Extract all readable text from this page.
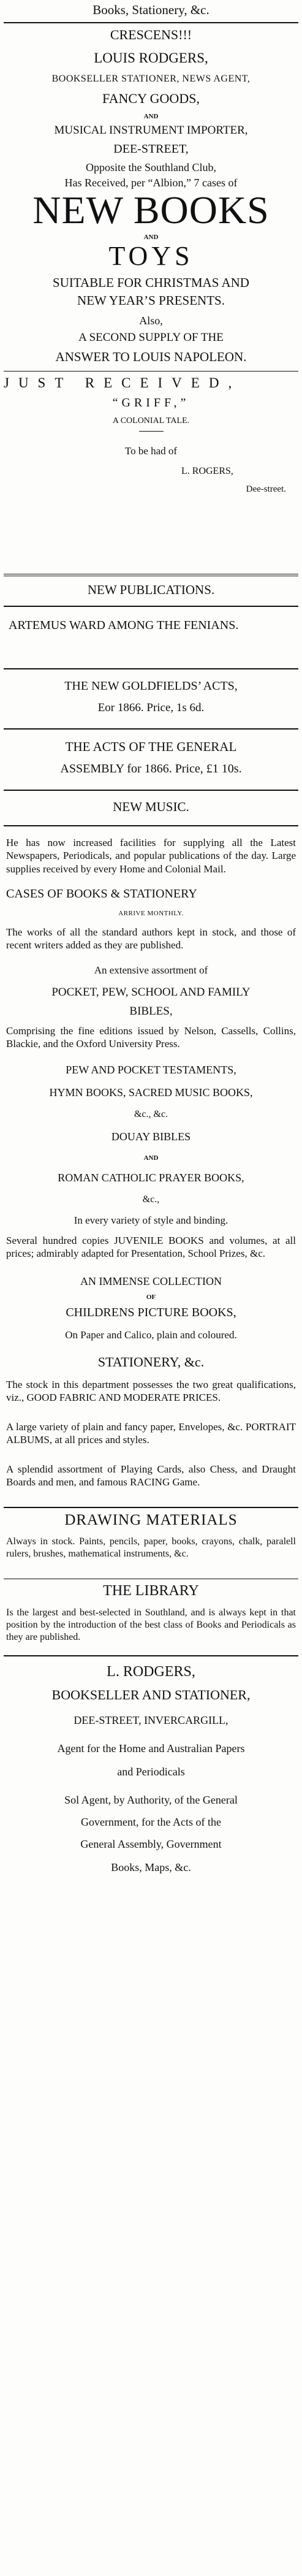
Books, Stationery, &c.
CRESCENS!!!
LOUIS RODGERS,
BOOKSELLER STATIONER, NEWS AGENT,
FANCY GOODS,
AND
MUSICAL INSTRUMENT IMPORTER,
DEE-STREET,
Opposite the Southland Club,
Has Received, per “Albion,” 7 cases of
NEW BOOKS
AND
TOYS
SUITABLE FOR CHRISTMAS AND
NEW YEAR’S PRESENTS.
Also,
A SECOND SUPPLY OF THE
ANSWER TO LOUIS NAPOLEON.
JUST RECEIVED,
“GRIFF,”
A COLONIAL TALE.
To be had of
L. ROGERS,
Dee-street.
NEW PUBLICATIONS.
ARTEMUS WARD AMONG THE FENIANS.
THE NEW GOLDFIELDS’ ACTS,
Eor 1866. Price, 1s 6d.
THE ACTS OF THE GENERAL
ASSEMBLY for 1866. Price, £1 10s.
NEW MUSIC.
He has now increased facilities for supplying all the Latest Newspapers, Periodicals, and popular publications of the day. Large supplies received by every Home and Colonial Mail.
CASES OF BOOKS & STATIONERY
ARRIVE MONTHLY.
The works of all the standard authors kept in stock, and those of recent writers added as they are published.
An extensive assortment of
POCKET, PEW, SCHOOL AND FAMILY
BIBLES,
Comprising the fine editions issued by Nelson, Cassells, Collins, Blackie, and the Oxford University Press.
PEW AND POCKET TESTAMENTS,
HYMN BOOKS, SACRED MUSIC BOOKS,
&c., &c.
DOUAY BIBLES
AND
ROMAN CATHOLIC PRAYER BOOKS,
&c.,
In every variety of style and binding.
Several hundred copies JUVENILE BOOKS and volumes, at all prices; admirably adapted for Presentation, School Prizes, &c.
AN IMMENSE COLLECTION
OF
CHILDRENS PICTURE BOOKS,
On Paper and Calico, plain and coloured.
STATIONERY, &c.
The stock in this department possesses the two great qualifications, viz., GOOD FABRIC AND MODERATE PRICES.
A large variety of plain and fancy paper, Envelopes, &c. PORTRAIT ALBUMS, at all prices and styles.
A splendid assortment of Playing Cards, also Chess, and Draught Boards and men, and famous RACING Game.
DRAWING MATERIALS
Always in stock. Paints, pencils, paper, books, crayons, chalk, paralell rulers, brushes, mathematical instruments, &c.
THE LIBRARY
Is the largest and best-selected in Southland, and is always kept in that position by the introduction of the best class of Books and Periodicals as they are published.
L. RODGERS,
BOOKSELLER AND STATIONER,
DEE-STREET, INVERCARGILL,
Agent for the Home and Australian Papers
and Periodicals
Sol Agent, by Authority, of the General
Government, for the Acts of the
General Assembly, Government
Books, Maps, &c.
